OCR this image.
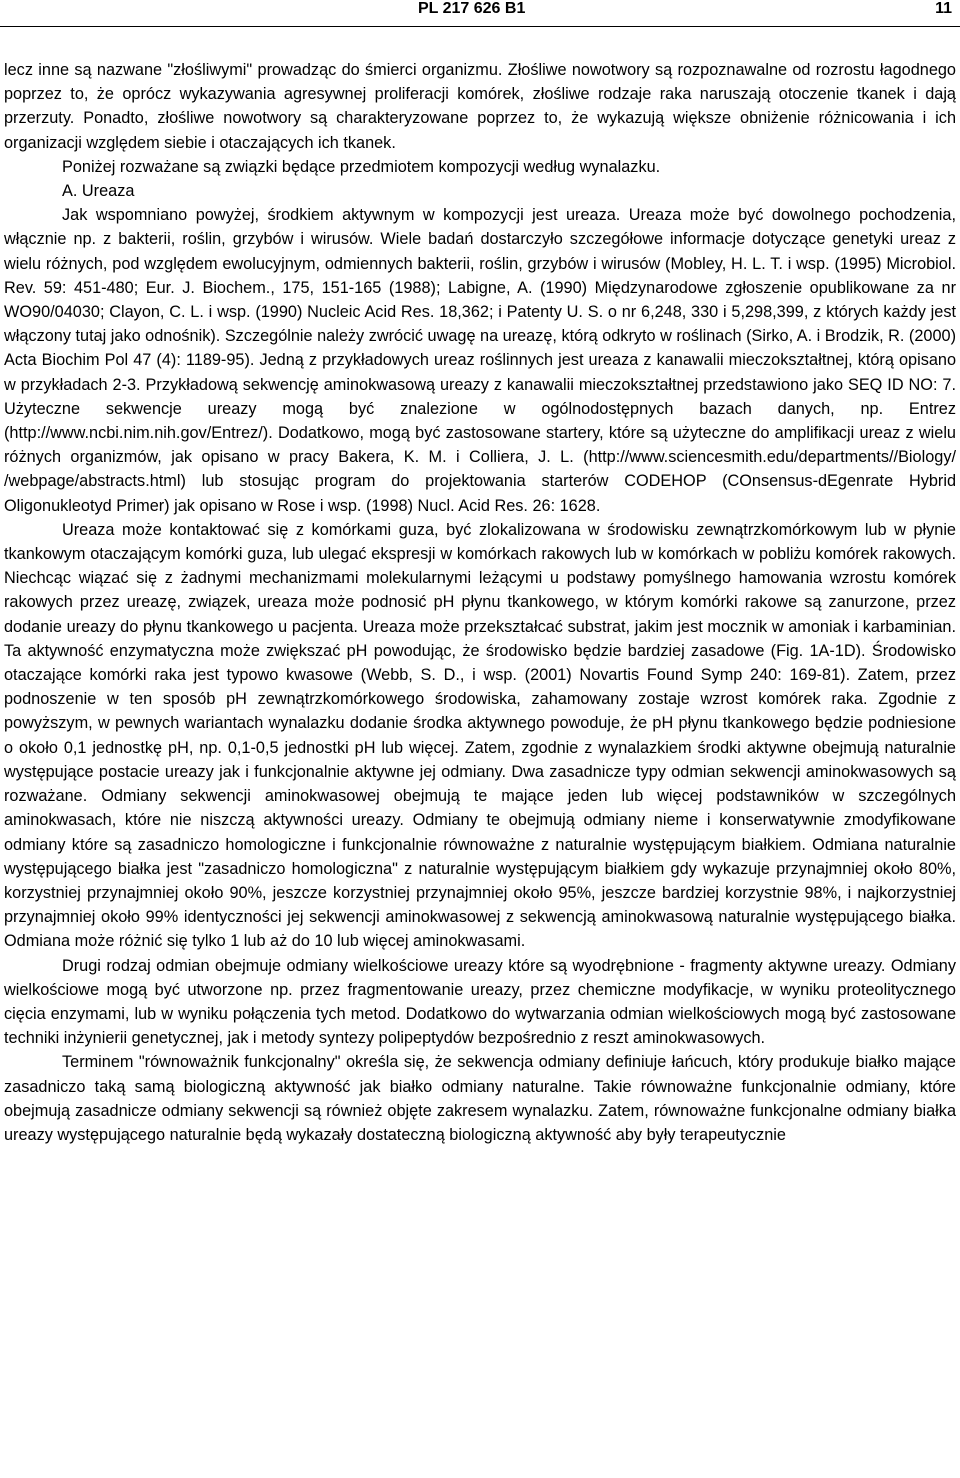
PL 217 626 B1	11

lecz inne są nazwane "złośliwymi" prowadząc do śmierci organizmu. Złośliwe nowotwory są rozpoznawalne od rozrostu łagodnego poprzez to, że oprócz wykazywania agresywnej proliferacji komórek, złośliwe rodzaje raka naruszają otoczenie tkanek i dają przerzuty. Ponadto, złośliwe nowotwory są charakteryzowane poprzez to, że wykazują większe obniżenie różnicowania i ich organizacji względem siebie i otaczających ich tkanek.

Poniżej rozważane są związki będące przedmiotem kompozycji według wynalazku.

A. Ureaza

Jak wspomniano powyżej, środkiem aktywnym w kompozycji jest ureaza. Ureaza może być dowolnego pochodzenia, włącznie np. z bakterii, roślin, grzybów i wirusów. Wiele badań dostarczyło szczegółowe informacje dotyczące genetyki ureaz z wielu różnych, pod względem ewolucyjnym, odmiennych bakterii, roślin, grzybów i wirusów (Mobley, H. L. T. i wsp. (1995) Microbiol. Rev. 59: 451-480; Eur. J. Biochem., 175, 151-165 (1988); Labigne, A. (1990) Międzynarodowe zgłoszenie opublikowane za nr WO90/04030; Clayon, C. L. i wsp. (1990) Nucleic Acid Res. 18,362; i Patenty U. S. o nr 6,248, 330 i 5,298,399, z których każdy jest włączony tutaj jako odnośnik). Szczególnie należy zwrócić uwagę na ureazę, którą odkryto w roślinach (Sirko, A. i Brodzik, R. (2000) Acta Biochim Pol 47 (4): 1189-95). Jedną z przykładowych ureaz roślinnych jest ureaza z kanawalii mieczokształtnej, którą opisano w przykładach 2-3. Przykładową sekwencję aminokwasową ureazy z kanawalii mieczokształtnej przedstawiono jako SEQ ID NO: 7. Użyteczne sekwencje ureazy mogą być znalezione w ogólnodostępnych bazach danych, np. Entrez (http://www.ncbi.nim.nih.gov/Entrez/). Dodatkowo, mogą być zastosowane startery, które są użyteczne do amplifikacji ureaz z wielu różnych organizmów, jak opisano w pracy Bakera, K. M. i Colliera, J. L. (http://www.sciencesmith.edu/departments//Biology/ /webpage/abstracts.html) lub stosując program do projektowania starterów CODEHOP (COnsensus-dEgenrate Hybrid Oligonukleotyd Primer) jak opisano w Rose i wsp. (1998) Nucl. Acid Res. 26: 1628.

Ureaza może kontaktować się z komórkami guza, być zlokalizowana w środowisku zewnątrzkomórkowym lub w płynie tkankowym otaczającym komórki guza, lub ulegać ekspresji w komórkach rakowych lub w komórkach w pobliżu komórek rakowych. Niechcąc wiązać się z żadnymi mechanizmami molekularnymi leżącymi u podstawy pomyślnego hamowania wzrostu komórek rakowych przez ureazę, związek, ureaza może podnosić pH płynu tkankowego, w którym komórki rakowe są zanurzone, przez dodanie ureazy do płynu tkankowego u pacjenta. Ureaza może przekształcać substrat, jakim jest mocznik w amoniak i karbaminian. Ta aktywność enzymatyczna może zwiększać pH powodując, że środowisko będzie bardziej zasadowe (Fig. 1A-1D). Środowisko otaczające komórki raka jest typowo kwasowe (Webb, S. D., i wsp. (2001) Novartis Found Symp 240: 169-81). Zatem, przez podnoszenie w ten sposób pH zewnątrzkomórkowego środowiska, zahamowany zostaje wzrost komórek raka. Zgodnie z powyższym, w pewnych wariantach wynalazku dodanie środka aktywnego powoduje, że pH płynu tkankowego będzie podniesione o około 0,1 jednostkę pH, np. 0,1-0,5 jednostki pH lub więcej. Zatem, zgodnie z wynalazkiem środki aktywne obejmują naturalnie występujące postacie ureazy jak i funkcjonalnie aktywne jej odmiany. Dwa zasadnicze typy odmian sekwencji aminokwasowych są rozważane. Odmiany sekwencji aminokwasowej obejmują te mające jeden lub więcej podstawników w szczególnych aminokwasach, które nie niszczą aktywności ureazy. Odmiany te obejmują odmiany nieme i konserwatywnie zmodyfikowane odmiany które są zasadniczo homologiczne i funkcjonalnie równoważne z naturalnie występującym białkiem. Odmiana naturalnie występującego białka jest "zasadniczo homologiczna" z naturalnie występującym białkiem gdy wykazuje przynajmniej około 80%, korzystniej przynajmniej około 90%, jeszcze korzystniej przynajmniej około 95%, jeszcze bardziej korzystnie 98%, i najkorzystniej przynajmniej około 99% identyczności jej sekwencji aminokwasowej z sekwencją aminokwasową naturalnie występującego białka. Odmiana może różnić się tylko 1 lub aż do 10 lub więcej aminokwasami.

Drugi rodzaj odmian obejmuje odmiany wielkościowe ureazy które są wyodrębnione - fragmenty aktywne ureazy. Odmiany wielkościowe mogą być utworzone np. przez fragmentowanie ureazy, przez chemiczne modyfikacje, w wyniku proteolitycznego cięcia enzymami, lub w wyniku połączenia tych metod. Dodatkowo do wytwarzania odmian wielkościowych mogą być zastosowane techniki inżynierii genetycznej, jak i metody syntezy polipeptydów bezpośrednio z reszt aminokwasowych.

Terminem "równoważnik funkcjonalny" określa się, że sekwencja odmiany definiuje łańcuch, który produkuje białko mające zasadniczo taką samą biologiczną aktywność jak białko odmiany naturalne. Takie równoważne funkcjonalnie odmiany, które obejmują zasadnicze odmiany sekwencji są również objęte zakresem wynalazku. Zatem, równoważne funkcjonalne odmiany białka ureazy występującego naturalnie będą wykazały dostateczną biologiczną aktywność aby były terapeutycznie
